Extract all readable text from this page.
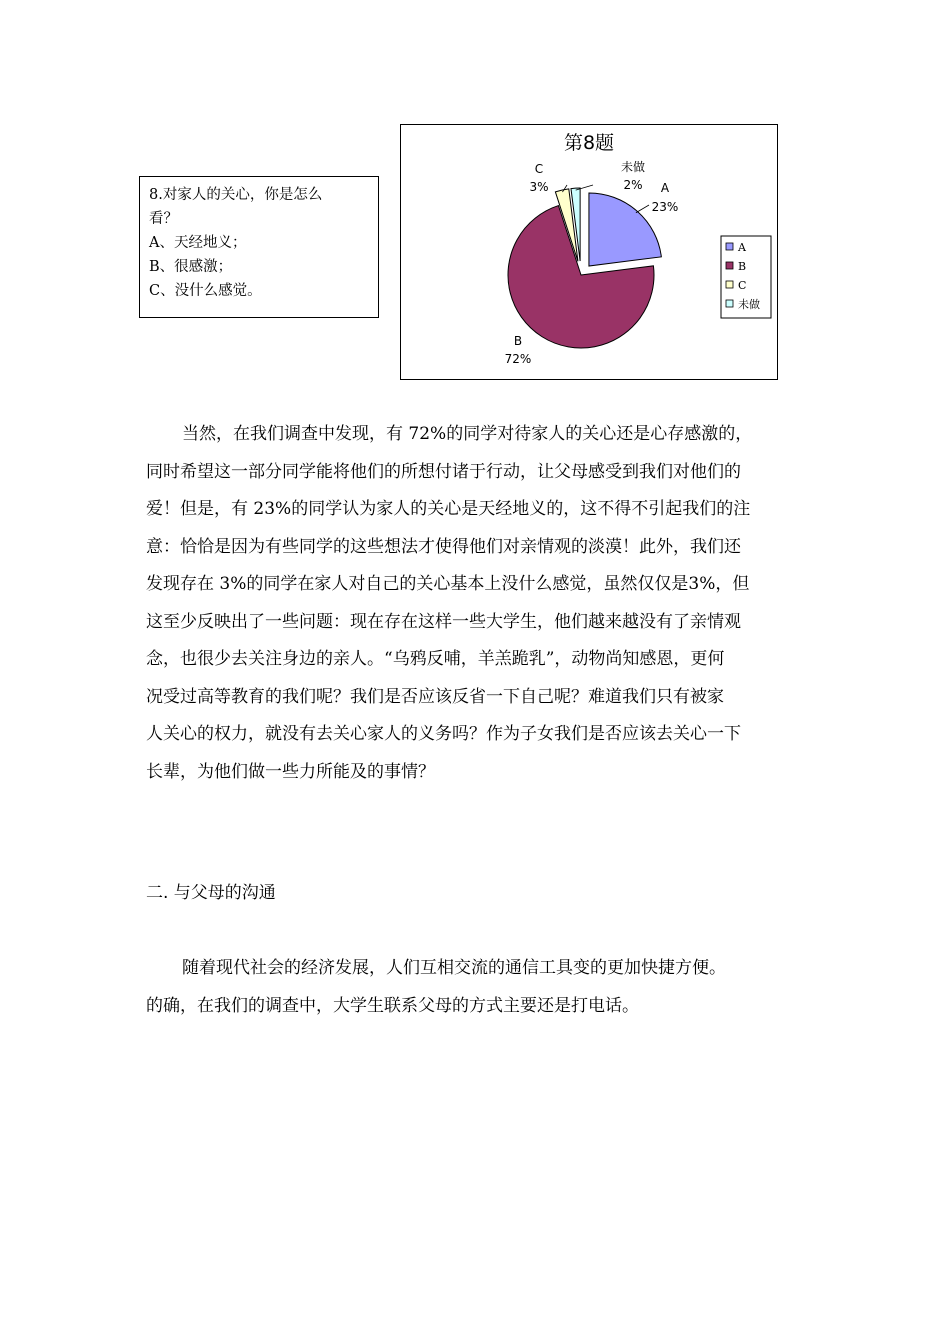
8.对家人的关心，你是怎么
看？
A、天经地义；
B、很感激；
C、没什么感觉。
第8题
A
23%
B
72%
C
3%
未做
2%
A
B
C
未做
当然，在我们调查中发现，有 72%的同学对待家人的关心还是心存感激的，
同时希望这一部分同学能将他们的所想付诸于行动，让父母感受到我们对他们的
爱！但是，有 23%的同学认为家人的关心是天经地义的，这不得不引起我们的注
意：恰恰是因为有些同学的这些想法才使得他们对亲情观的淡漠！此外，我们还
发现存在 3%的同学在家人对自己的关心基本上没什么感觉，虽然仅仅是3%，但
这至少反映出了一些问题：现在存在这样一些大学生，他们越来越没有了亲情观
念，也很少去关注身边的亲人。“乌鸦反哺，羊羔跪乳”，动物尚知感恩，更何
况受过高等教育的我们呢？我们是否应该反省一下自己呢？难道我们只有被家
人关心的权力，就没有去关心家人的义务吗？作为子女我们是否应该去关心一下
长辈，为他们做一些力所能及的事情？
二. 与父母的沟通
随着现代社会的经济发展，人们互相交流的通信工具变的更加快捷方便。
的确，在我们的调查中，大学生联系父母的方式主要还是打电话。
